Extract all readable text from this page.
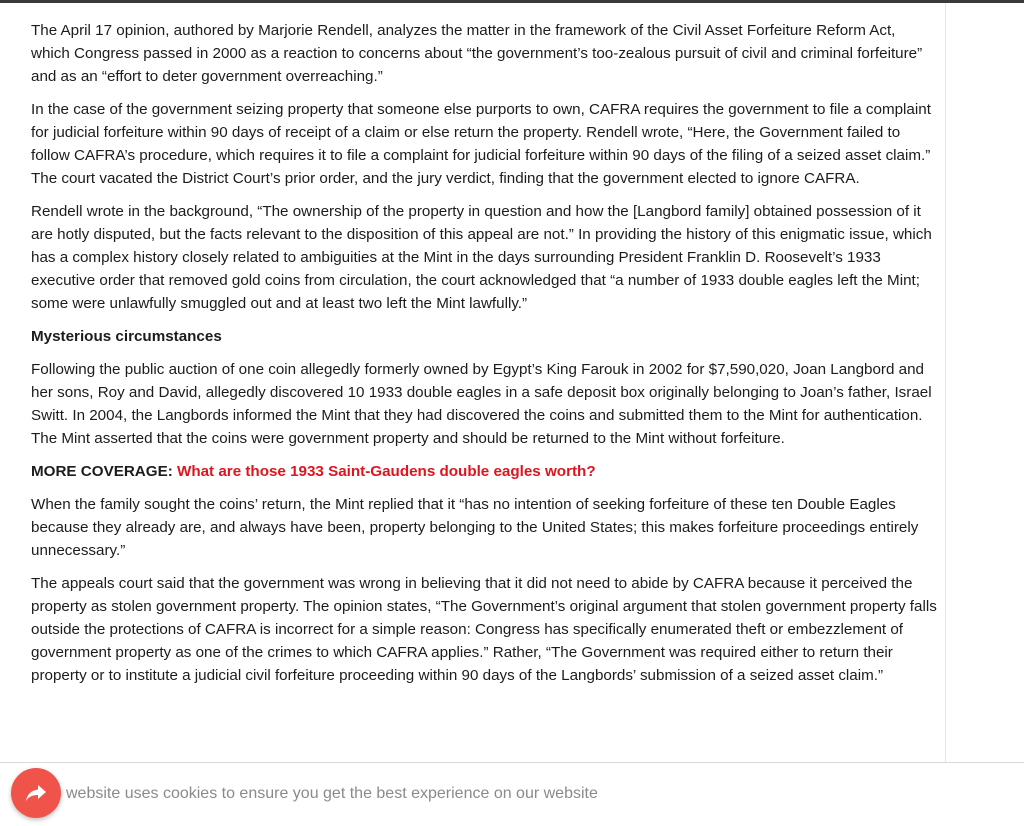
The April 17 opinion, authored by Marjorie Rendell, analyzes the matter in the framework of the Civil Asset Forfeiture Reform Act, which Congress passed in 2000 as a reaction to concerns about “the government’s too-zealous pursuit of civil and criminal forfeiture” and as an “effort to deter government overreaching.”

In the case of the government seizing property that someone else purports to own, CAFRA requires the government to file a complaint for judicial forfeiture within 90 days of receipt of a claim or else return the property. Rendell wrote, “Here, the Government failed to follow CAFRA’s procedure, which requires it to file a complaint for judicial forfeiture within 90 days of the filing of a seized asset claim.” The court vacated the District Court’s prior order, and the jury verdict, finding that the government elected to ignore CAFRA.

Rendell wrote in the background, “The ownership of the property in question and how the [Langbord family] obtained possession of it are hotly disputed, but the facts relevant to the disposition of this appeal are not.” In providing the history of this enigmatic issue, which has a complex history closely related to ambiguities at the Mint in the days surrounding President Franklin D. Roosevelt’s 1933 executive order that removed gold coins from circulation, the court acknowledged that “a number of 1933 double eagles left the Mint; some were unlawfully smuggled out and at least two left the Mint lawfully.”

Mysterious circumstances

Following the public auction of one coin allegedly formerly owned by Egypt’s King Farouk in 2002 for $7,590,020, Joan Langbord and her sons, Roy and David, allegedly discovered 10 1933 double eagles in a safe deposit box originally belonging to Joan’s father, Israel Switt. In 2004, the Langbords informed the Mint that they had discovered the coins and submitted them to the Mint for authentication. The Mint asserted that the coins were government property and should be returned to the Mint without forfeiture.

MORE COVERAGE: What are those 1933 Saint-Gaudens double eagles worth?

When the family sought the coins’ return, the Mint replied that it “has no intention of seeking forfeiture of these ten Double Eagles because they already are, and always have been, property belonging to the United States; this makes forfeiture proceedings entirely unnecessary.”

The appeals court said that the government was wrong in believing that it did not need to abide by CAFRA because it perceived the property as stolen government property. The opinion states, “The Government’s original argument that stolen government property falls outside the protections of CAFRA is incorrect for a simple reason: Congress has specifically enumerated theft or embezzlement of government property as one of the crimes to which CAFRA applies.” Rather, “The Government was required either to return their property or to institute a judicial civil forfeiture proceeding within 90 days of the Langbords’ submission of a seized asset claim.”

website uses cookies to ensure you get the best experience on our website
